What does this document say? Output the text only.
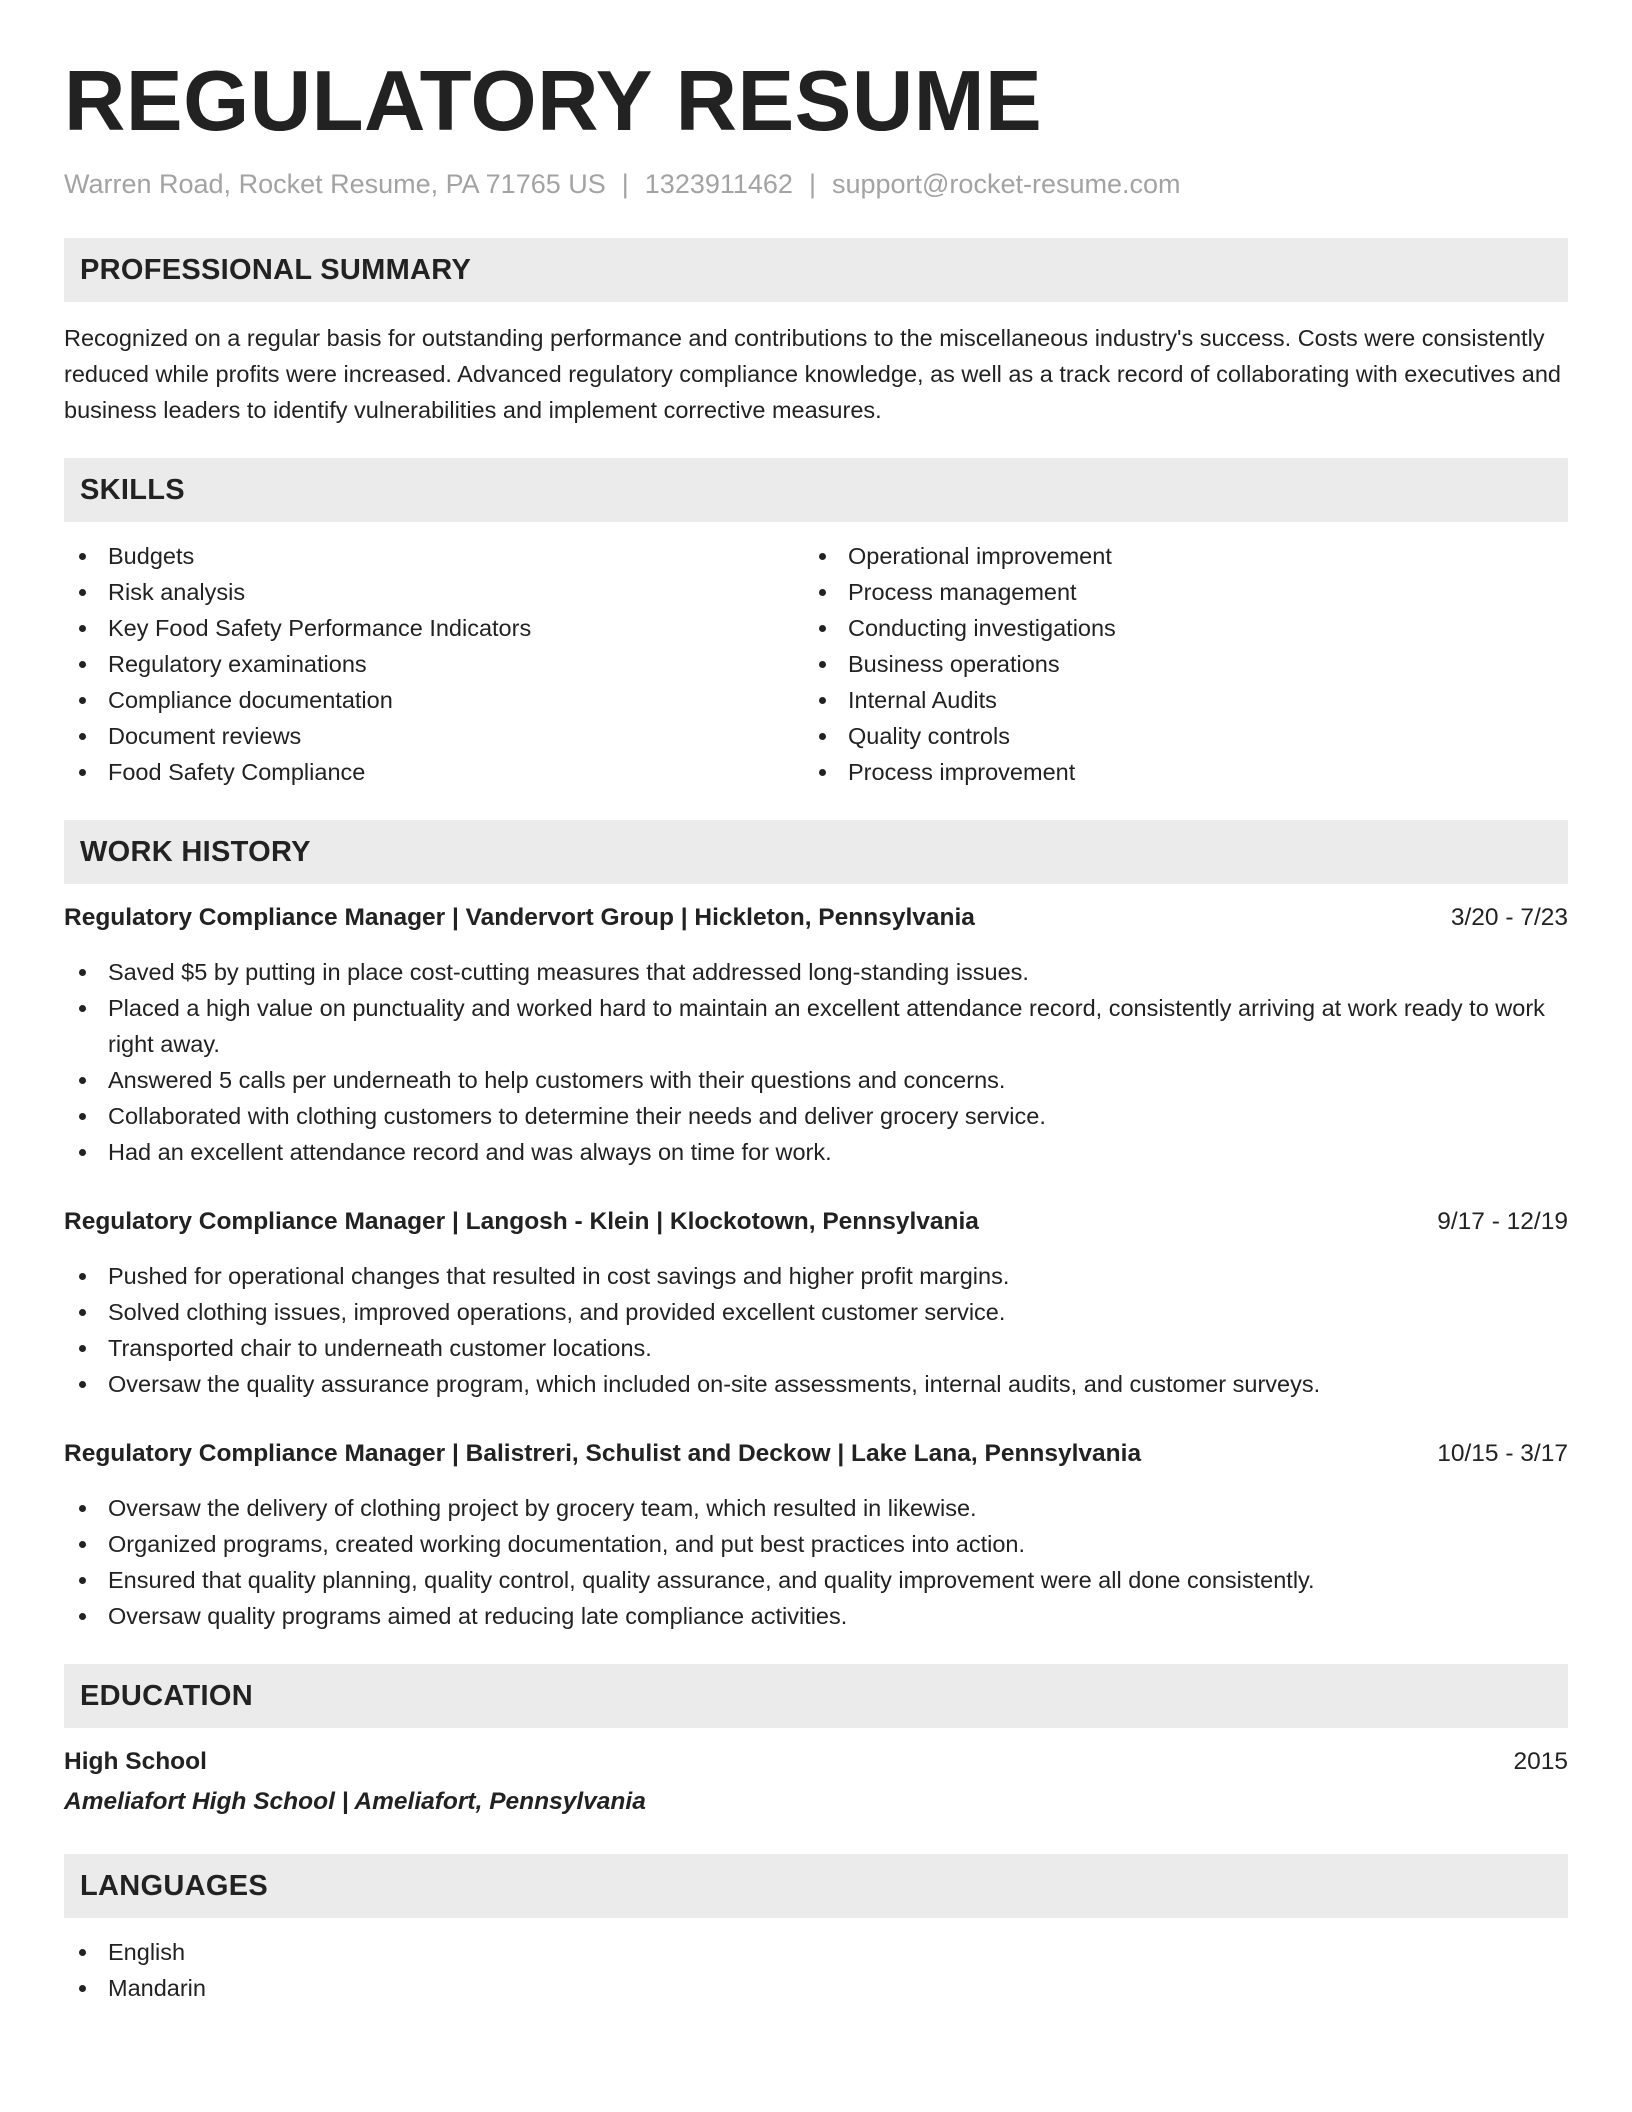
REGULATORY RESUME
Warren Road, Rocket Resume, PA 71765 US | 1323911462 | support@rocket-resume.com
PROFESSIONAL SUMMARY

Recognized on a regular basis for outstanding performance and contributions to the miscellaneous industry's success. Costs were consistently reduced while profits were increased. Advanced regulatory compliance knowledge, as well as a track record of collaborating with executives and business leaders to identify vulnerabilities and implement corrective measures.

SKILLS
Budgets
Risk analysis
Key Food Safety Performance Indicators
Regulatory examinations
Compliance documentation
Document reviews
Food Safety Compliance
Operational improvement
Process management
Conducting investigations
Business operations
Internal Audits
Quality controls
Process improvement
WORK HISTORY
Regulatory Compliance Manager | Vandervort Group | Hickleton, Pennsylvania	3/20 - 7/23
Saved $5 by putting in place cost-cutting measures that addressed long-standing issues.
Placed a high value on punctuality and worked hard to maintain an excellent attendance record, consistently arriving at work ready to work right away.
Answered 5 calls per underneath to help customers with their questions and concerns.
Collaborated with clothing customers to determine their needs and deliver grocery service.
Had an excellent attendance record and was always on time for work.
Regulatory Compliance Manager | Langosh - Klein | Klockotown, Pennsylvania	9/17 - 12/19
Pushed for operational changes that resulted in cost savings and higher profit margins.
Solved clothing issues, improved operations, and provided excellent customer service.
Transported chair to underneath customer locations.
Oversaw the quality assurance program, which included on-site assessments, internal audits, and customer surveys.
Regulatory Compliance Manager | Balistreri, Schulist and Deckow | Lake Lana, Pennsylvania	10/15 - 3/17
Oversaw the delivery of clothing project by grocery team, which resulted in likewise.
Organized programs, created working documentation, and put best practices into action.
Ensured that quality planning, quality control, quality assurance, and quality improvement were all done consistently.
Oversaw quality programs aimed at reducing late compliance activities.
EDUCATION
High School	2015
Ameliafort High School | Ameliafort, Pennsylvania
LANGUAGES
English
Mandarin
